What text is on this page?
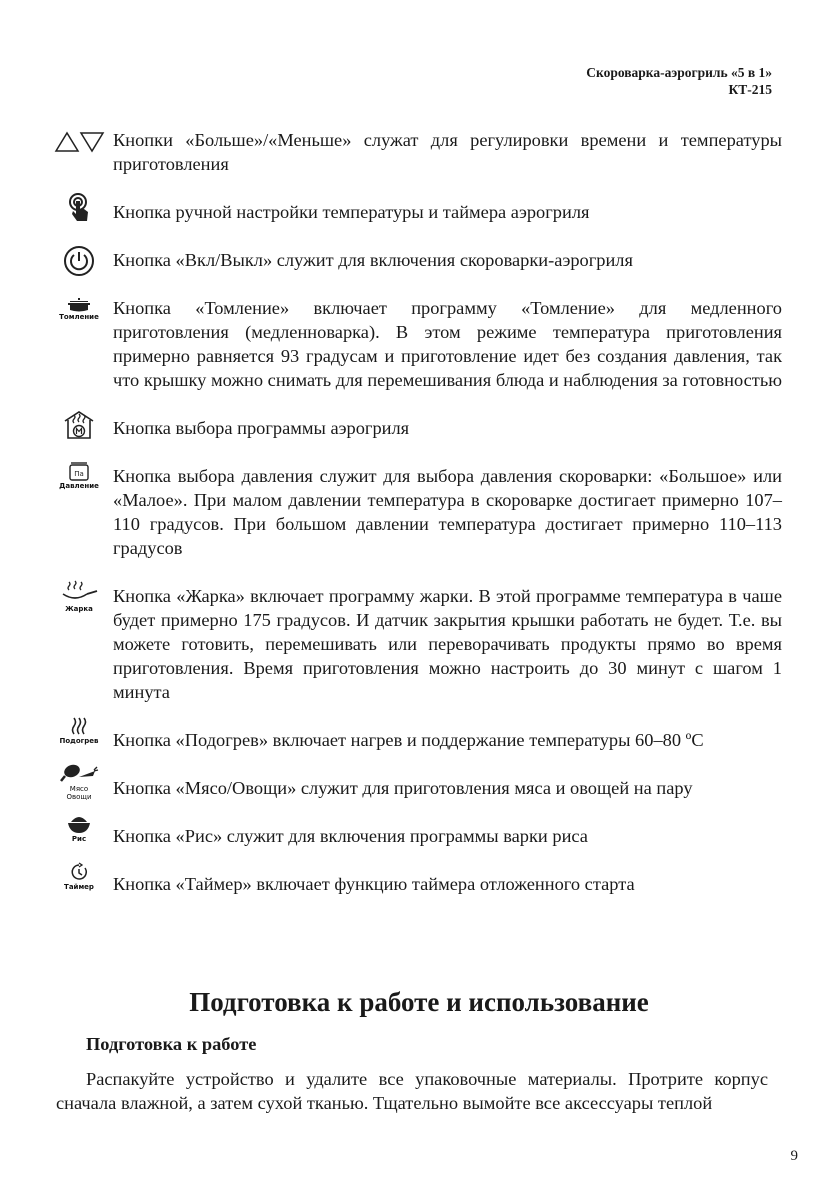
Скороварка-аэрогриль «5 в 1»
КТ-215
Кнопки «Больше»/«Меньше» служат для регулировки времени и температуры приготовления
Кнопка ручной настройки температуры и таймера аэрогриля
Кнопка «Вкл/Выкл» служит для включения скороварки-аэрогриля
Томление Кнопка «Томление» включает программу «Томление» для медленного приготовления (медленноварка). В этом режиме температура приготовления примерно равняется 93 градусам и приготовление идет без создания давления, так что крышку можно снимать для перемешивания блюда и наблюдения за готовностью
Кнопка выбора программы аэрогриля
Па
Давление Кнопка выбора давления служит для выбора давления скороварки: «Большое» или «Малое». При малом давлении температура в скороварке достигает примерно 107–110 градусов. При большом давлении температура достигает примерно 110–113 градусов
Жарка
Кнопка «Жарка» включает программу жарки. В этой программе температура в чаше будет примерно 175 градусов. И датчик закрытия крышки работать не будет. Т.е. вы можете готовить, перемешивать или переворачивать продукты прямо во время приготовления. Время приготовления можно настроить до 30 минут с шагом 1 минута
Подогрев Кнопка «Подогрев» включает нагрев и поддержание температуры 60–80 ºС
Мясо
Овощи Кнопка «Мясо/Овощи» служит для приготовления мяса и овощей на пару
Рис Кнопка «Рис» служит для включения программы варки риса
Таймер Кнопка «Таймер» включает функцию таймера отложенного старта
Подготовка к работе и использование
Подготовка к работе
Распакуйте устройство и удалите все упаковочные материалы. Протрите корпус сначала влажной, а затем сухой тканью. Тщательно вымойте все аксессуары теплой
9
